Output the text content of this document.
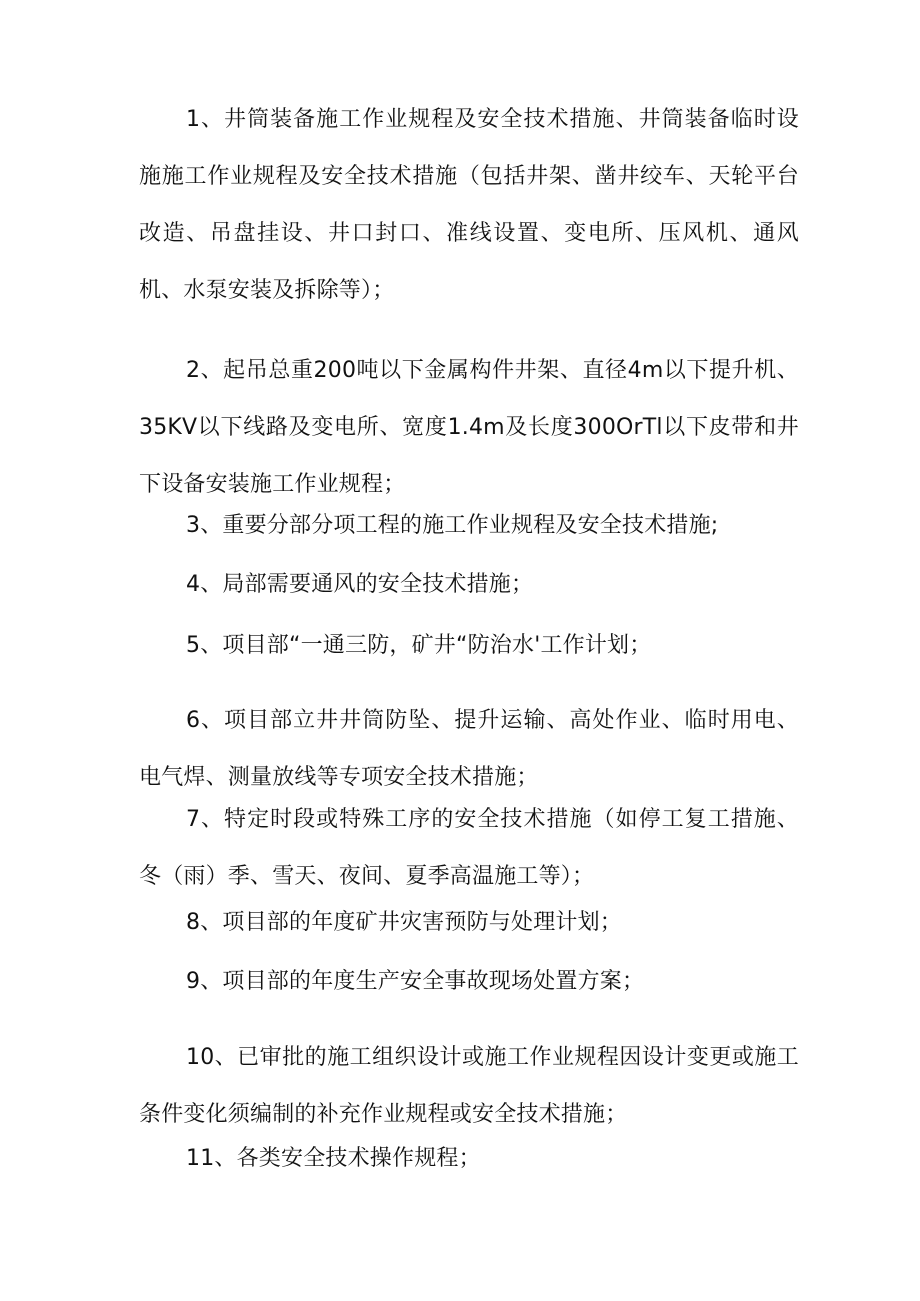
1、井筒装备施工作业规程及安全技术措施、井筒装备临时设施施工作业规程及安全技术措施（包括井架、凿井绞车、天轮平台改造、吊盘挂设、井口封口、准线设置、变电所、压风机、通风机、水泵安装及拆除等）；

2、起吊总重200吨以下金属构件井架、直径4m以下提升机、35KV以下线路及变电所、宽度1.4m及长度300OrTl以下皮带和井下设备安装施工作业规程；

3、重要分部分项工程的施工作业规程及安全技术措施;

4、局部需要通风的安全技术措施；

5、项目部“一通三防，矿井“防治水'工作计划；

6、项目部立井井筒防坠、提升运输、高处作业、临时用电、电气焊、测量放线等专项安全技术措施；

7、特定时段或特殊工序的安全技术措施（如停工复工措施、冬（雨）季、雪天、夜间、夏季高温施工等）；

8、项目部的年度矿井灾害预防与处理计划；

9、项目部的年度生产安全事故现场处置方案；

10、已审批的施工组织设计或施工作业规程因设计变更或施工条件变化须编制的补充作业规程或安全技术措施；

11、各类安全技术操作规程；
